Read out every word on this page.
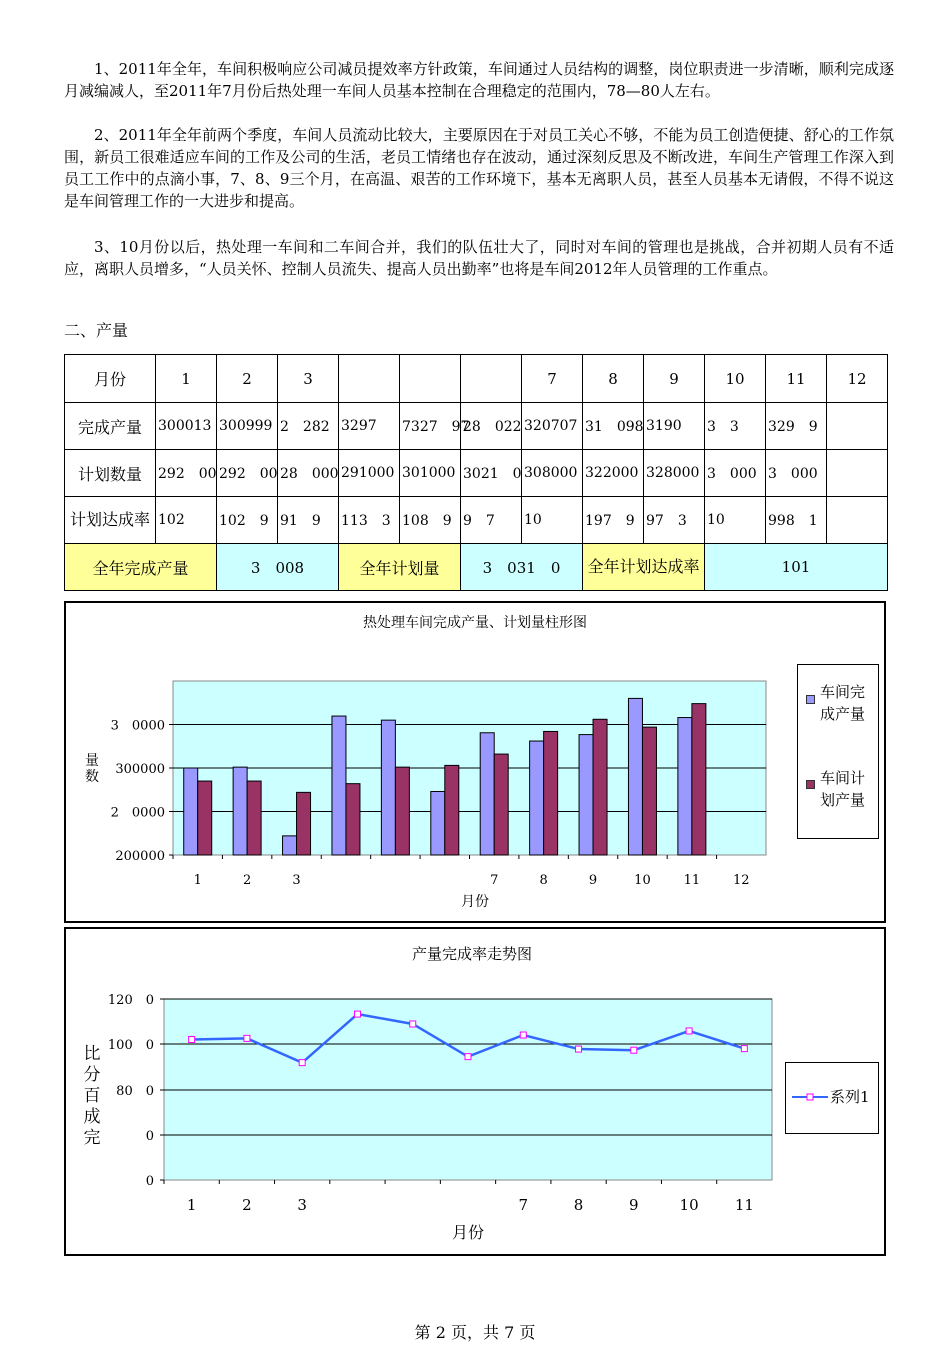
1、2011年全年，车间积极响应公司减员提效率方针政策，车间通过人员结构的调整，岗位职责进一步清晰，顺利完成逐月减编减人，至2011年7月份后热处理一车间人员基本控制在合理稳定的范围内，78—80人左右。

2、2011年全年前两个季度，车间人员流动比较大，主要原因在于对员工关心不够，不能为员工创造便捷、舒心的工作氛围，新员工很难适应车间的工作及公司的生活，老员工情绪也存在波动，通过深刻反思及不断改进，车间生产管理工作深入到员工工作中的点滴小事，7、8、9三个月，在高温、艰苦的工作环境下，基本无离职人员，甚至人员基本无请假，不得不说这是车间管理工作的一大进步和提高。

3、10月份以后，热处理一车间和二车间合并，我们的队伍壮大了，同时对车间的管理也是挑战，合并初期人员有不适应，离职人员增多，“人员关怀、控制人员流失、提高人员出勤率”也将是车间2012年人员管理的工作重点。

二、产量
月份	1	2	3				7	8	9	10	11	12
完成产量	300013	300999	2　282	3297	7327　97	28　022	320707	31　098	3190	3　3	329　9	
计划数量	292　00	292　00	28　000	291000	301000	3021　0	308000	322000	328000	3　000	3　000	
计划达成率	102	102　9	91　9	113　3	108　9	9　7	10	197　9	97　3	10	998　1	
全年完成产量		3　008		全年计划量		3　031　0		全年计划达成率		101		
热处理车间完成产量、计划量柱形图
200000
2　0000
300000
3　0000
1	2	3	7	8	9	10	11	12
月份
量
数
车间完成产量
车间计划产量
产量完成率走势图
0
0
80　0
100　0
120　0
1	2	3	7	8	9	10 11
月份
比
分
百
成
完
系列1
第 2 页，共 7 页
